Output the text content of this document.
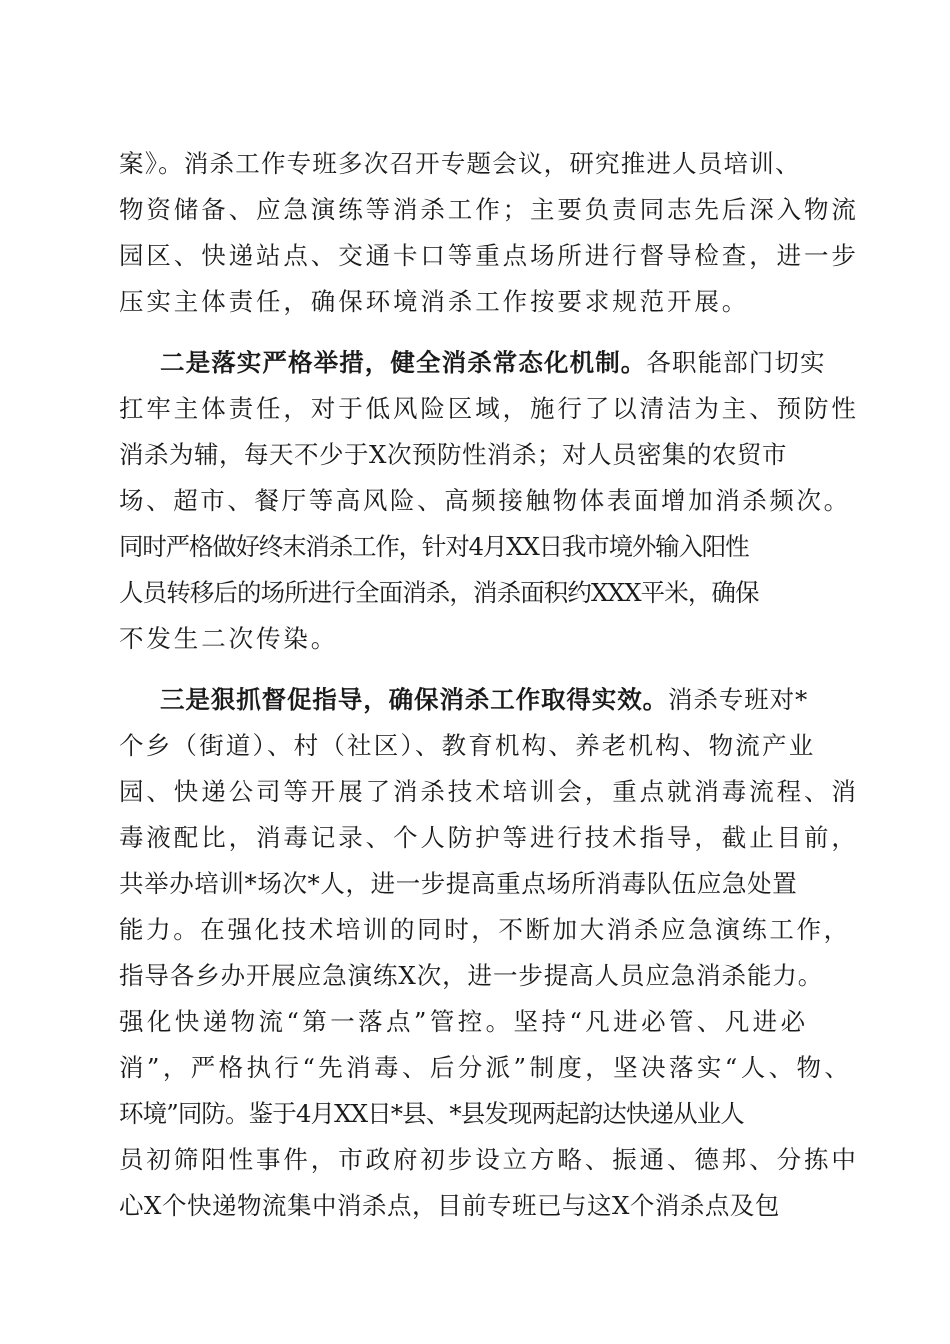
案》。消杀工作专班多次召开专题会议，研究推进人员培训、
物资储备、应急演练等消杀工作；主要负责同志先后深入物流
园区、快递站点、交通卡口等重点场所进行督导检查，进一步
压实主体责任，确保环境消杀工作按要求规范开展。
二是落实严格举措，健全消杀常态化机制。各职能部门切实
扛牢主体责任，对于低风险区域，施行了以清洁为主、预防性
消杀为辅，每天不少于X次预防性消杀；对人员密集的农贸市
场、超市、餐厅等高风险、高频接触物体表面增加消杀频次。
同时严格做好终末消杀工作，针对4月XX日我市境外输入阳性
人员转移后的场所进行全面消杀，消杀面积约XXX平米，确保
不发生二次传染。
三是狠抓督促指导，确保消杀工作取得实效。消杀专班对*
个乡（街道）、村（社区）、教育机构、养老机构、物流产业
园、快递公司等开展了消杀技术培训会，重点就消毒流程、消
毒液配比，消毒记录、个人防护等进行技术指导，截止目前，
共举办培训*场次*人，进一步提高重点场所消毒队伍应急处置
能力。在强化技术培训的同时，不断加大消杀应急演练工作，
指导各乡办开展应急演练X次，进一步提高人员应急消杀能力。
强化快递物流“第一落点”管控。坚持“凡进必管、凡进必
消”，严格执行“先消毒、后分派”制度，坚决落实“人、物、
环境”同防。鉴于4月XX日*县、*县发现两起韵达快递从业人
员初筛阳性事件，市政府初步设立方略、振通、德邦、分拣中
心X个快递物流集中消杀点，目前专班已与这X个消杀点及包
